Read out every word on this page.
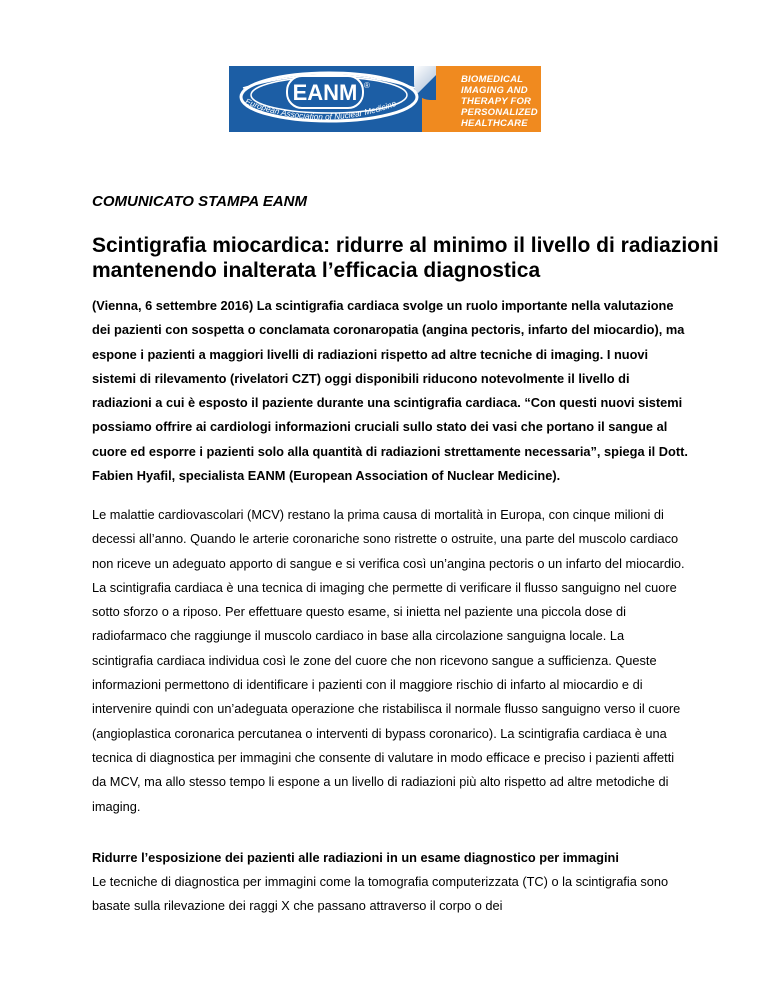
EANM ®
European Association of Nuclear Medicine
BIOMEDICAL
IMAGING AND
THERAPY FOR
PERSONALIZED
HEALTHCARE

COMUNICATO STAMPA EANM

Scintigrafia miocardica: ridurre al minimo il livello di radiazioni mantenendo inalterata l’efficacia diagnostica

(Vienna, 6 settembre 2016) La scintigrafia cardiaca svolge un ruolo importante nella valutazione dei pazienti con sospetta o conclamata coronaropatia (angina pectoris, infarto del miocardio), ma espone i pazienti a maggiori livelli di radiazioni rispetto ad altre tecniche di imaging. I nuovi sistemi di rilevamento (rivelatori CZT) oggi disponibili riducono notevolmente il livello di radiazioni a cui è esposto il paziente durante una scintigrafia cardiaca. “Con questi nuovi sistemi possiamo offrire ai cardiologi informazioni cruciali sullo stato dei vasi che portano il sangue al cuore ed esporre i pazienti solo alla quantità di radiazioni strettamente necessaria”, spiega il Dott. Fabien Hyafil, specialista EANM (European Association of Nuclear Medicine).

Le malattie cardiovascolari (MCV) restano la prima causa di mortalità in Europa, con cinque milioni di decessi all’anno. Quando le arterie coronariche sono ristrette o ostruite, una parte del muscolo cardiaco non riceve un adeguato apporto di sangue e si verifica così un’angina pectoris o un infarto del miocardio. La scintigrafia cardiaca è una tecnica di imaging che permette di verificare il flusso sanguigno nel cuore sotto sforzo o a riposo. Per effettuare questo esame, si inietta nel paziente una piccola dose di radiofarmaco che raggiunge il muscolo cardiaco in base alla circolazione sanguigna locale. La scintigrafia cardiaca individua così le zone del cuore che non ricevono sangue a sufficienza. Queste informazioni permettono di identificare i pazienti con il maggiore rischio di infarto al miocardio e di intervenire quindi con un’adeguata operazione che ristabilisca il normale flusso sanguigno verso il cuore (angioplastica coronarica percutanea o interventi di bypass coronarico). La scintigrafia cardiaca è una tecnica di diagnostica per immagini che consente di valutare in modo efficace e preciso i pazienti affetti da MCV, ma allo stesso tempo li espone a un livello di radiazioni più alto rispetto ad altre metodiche di imaging.

Ridurre l’esposizione dei pazienti alle radiazioni in un esame diagnostico per immagini

Le tecniche di diagnostica per immagini come la tomografia computerizzata (TC) o la scintigrafia sono basate sulla rilevazione dei raggi X che passano attraverso il corpo o dei
